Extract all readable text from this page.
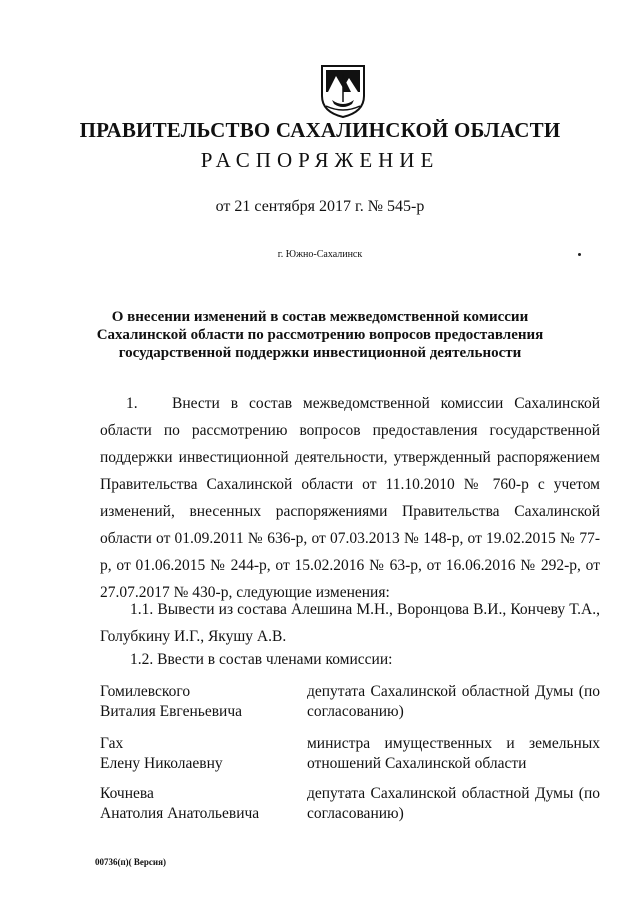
ПРАВИТЕЛЬСТВО САХАЛИНСКОЙ ОБЛАСТИ
РАСПОРЯЖЕНИЕ
от 21 сентября 2017 г. № 545-р
г. Южно-Сахалинск
О внесении изменений в состав межведомственной комиссии
Сахалинской области по рассмотрению вопросов предоставления
государственной поддержки инвестиционной деятельности
1. Внести в состав межведомственной комиссии Сахалинской области по рассмотрению вопросов предоставления государственной поддержки инвестиционной деятельности, утвержденный распоряжением Правительства Сахалинской области от 11.10.2010 № 760-р с учетом изменений, внесенных распоряжениями Правительства Сахалинской области от 01.09.2011 № 636-р, от 07.03.2013 № 148-р, от 19.02.2015 № 77-р, от 01.06.2015 № 244-р, от 15.02.2016 № 63-р, от 16.06.2016 № 292-р, от 27.07.2017 № 430-р, следующие изменения:
1.1. Вывести из состава Алешина М.Н., Воронцова В.И., Кончеву Т.А., Голубкину И.Г., Якушу А.В.
1.2. Ввести в состав членами комиссии:
Гомилевского
Виталия Евгеньевича
депутата Сахалинской областной Думы (по согласованию)
Гах
Елену Николаевну
министра имущественных и земельных отношений Сахалинской области
Кочнева
Анатолия Анатольевича
депутата Сахалинской областной Думы (по согласованию)
00736(п)( Версия)
